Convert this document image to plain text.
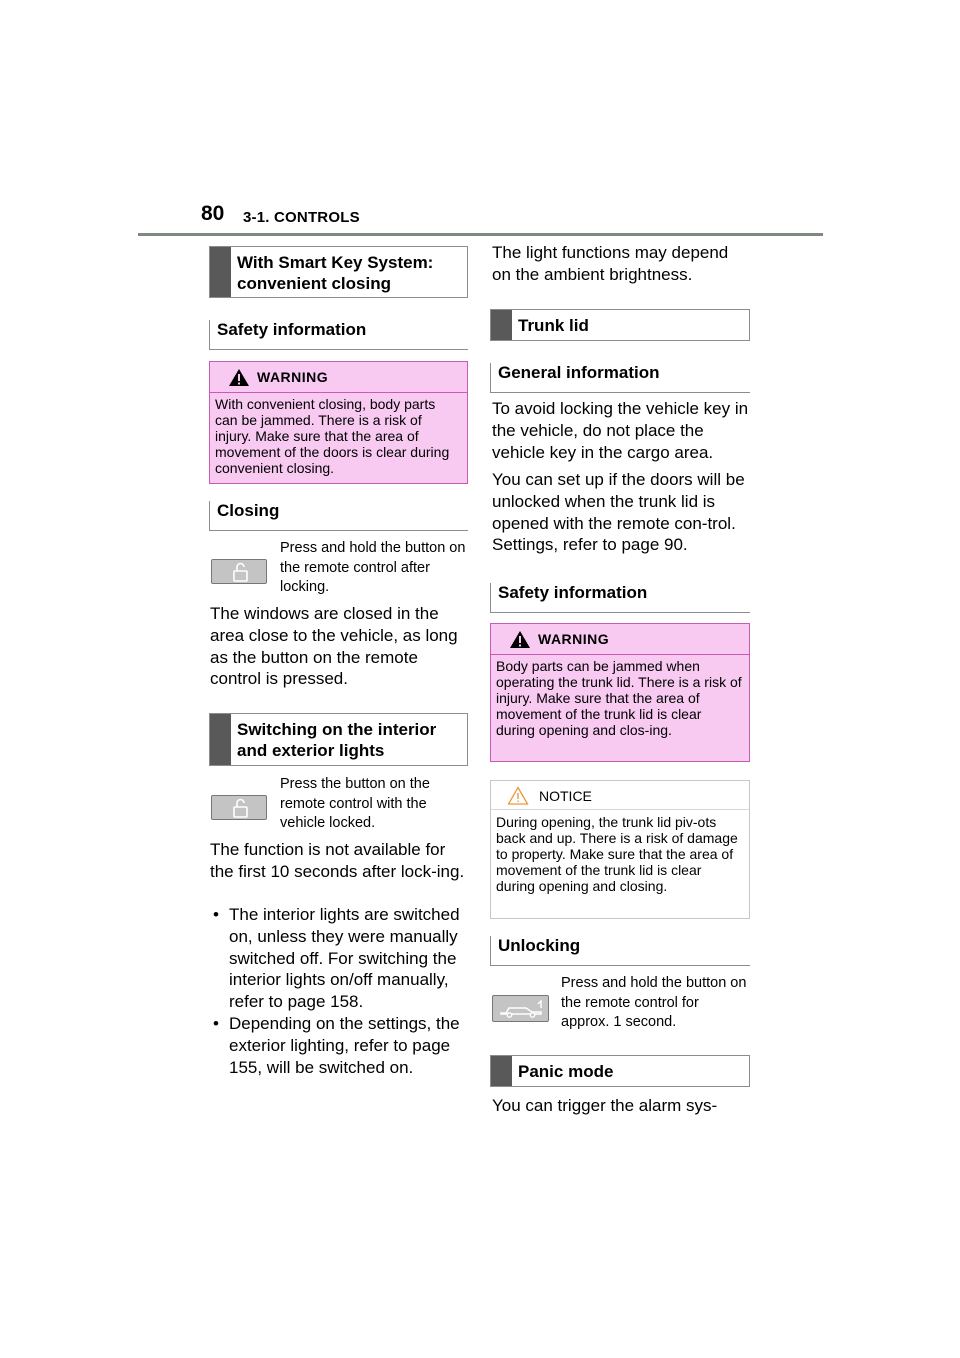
80 3-1. CONTROLS
With Smart Key System: convenient closing
Safety information
WARNING
With convenient closing, body parts can be jammed. There is a risk of injury. Make sure that the area of movement of the doors is clear during convenient closing.
Closing
Press and hold the button on the remote control after locking.
The windows are closed in the area close to the vehicle, as long as the button on the remote control is pressed.
Switching on the interior and exterior lights
Press the button on the remote control with the vehicle locked.
The function is not available for the first 10 seconds after lock-ing.
• The interior lights are switched on, unless they were manually switched off. For switching the interior lights on/off manually, refer to page 158.
• Depending on the settings, the exterior lighting, refer to page 155, will be switched on.
The light functions may depend on the ambient brightness.
Trunk lid
General information
To avoid locking the vehicle key in the vehicle, do not place the vehicle key in the cargo area.
You can set up if the doors will be unlocked when the trunk lid is opened with the remote con-trol. Settings, refer to page 90.
Safety information
WARNING
Body parts can be jammed when operating the trunk lid. There is a risk of injury. Make sure that the area of movement of the trunk lid is clear during opening and clos-ing.
NOTICE
During opening, the trunk lid piv-ots back and up. There is a risk of damage to property. Make sure that the area of movement of the trunk lid is clear during opening and closing.
Unlocking
Press and hold the button on the remote control for approx. 1 second.
Panic mode
You can trigger the alarm sys-
